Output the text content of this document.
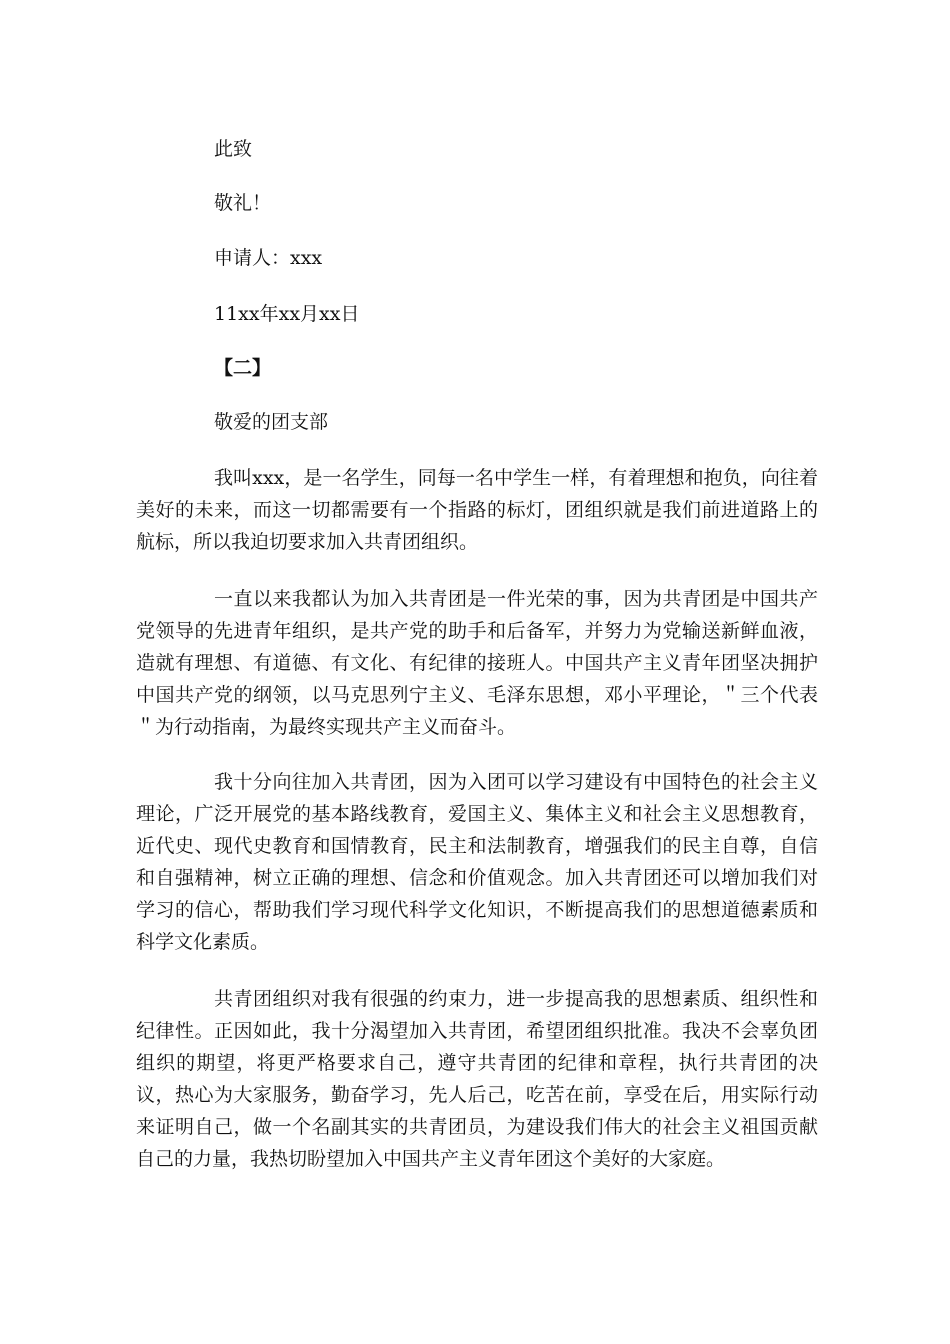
此致
敬礼！
申请人：xxx
11xx年xx月xx日
【二】
敬爱的团支部

我叫xxx，是一名学生，同每一名中学生一样，有着理想和抱负，向往着美好的未来，而这一切都需要有一个指路的标灯，团组织就是我们前进道路上的航标，所以我迫切要求加入共青团组织。

一直以来我都认为加入共青团是一件光荣的事，因为共青团是中国共产党领导的先进青年组织，是共产党的助手和后备军，并努力为党输送新鲜血液，造就有理想、有道德、有文化、有纪律的接班人。中国共产主义青年团坚决拥护中国共产党的纲领，以马克思列宁主义、毛泽东思想，邓小平理论，＂三个代表＂为行动指南，为最终实现共产主义而奋斗。

我十分向往加入共青团，因为入团可以学习建设有中国特色的社会主义理论，广泛开展党的基本路线教育，爱国主义、集体主义和社会主义思想教育，近代史、现代史教育和国情教育，民主和法制教育，增强我们的民主自尊，自信和自强精神，树立正确的理想、信念和价值观念。加入共青团还可以增加我们对学习的信心，帮助我们学习现代科学文化知识，不断提高我们的思想道德素质和科学文化素质。

共青团组织对我有很强的约束力，进一步提高我的思想素质、组织性和纪律性。正因如此，我十分渴望加入共青团，希望团组织批准。我决不会辜负团组织的期望，将更严格要求自己，遵守共青团的纪律和章程，执行共青团的决议，热心为大家服务，勤奋学习，先人后己，吃苦在前，享受在后，用实际行动来证明自己，做一个名副其实的共青团员，为建设我们伟大的社会主义祖国贡献自己的力量，我热切盼望加入中国共产主义青年团这个美好的大家庭。
